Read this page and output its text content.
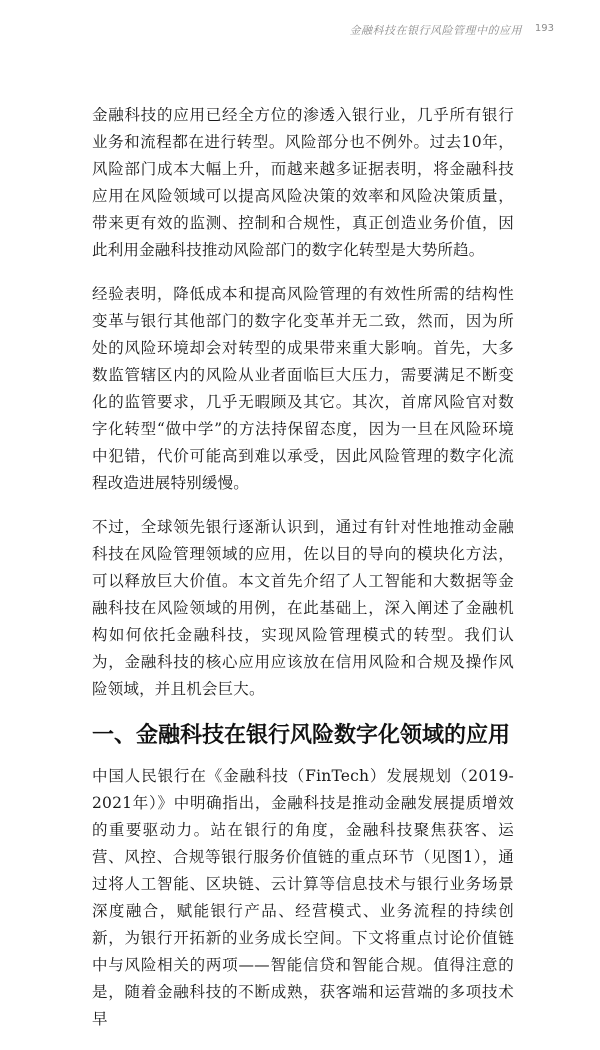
金融科技在银行风险管理中的应用 193

金融科技的应用已经全方位的渗透入银行业，几乎所有银行业务和流程都在进行转型。风险部分也不例外。过去10年，风险部门成本大幅上升，而越来越多证据表明，将金融科技应用在风险领域可以提高风险决策的效率和风险决策质量，带来更有效的监测、控制和合规性，真正创造业务价值，因此利用金融科技推动风险部门的数字化转型是大势所趋。

经验表明，降低成本和提高风险管理的有效性所需的结构性变革与银行其他部门的数字化变革并无二致，然而，因为所处的风险环境却会对转型的成果带来重大影响。首先，大多数监管辖区内的风险从业者面临巨大压力，需要满足不断变化的监管要求，几乎无暇顾及其它。其次，首席风险官对数字化转型“做中学”的方法持保留态度，因为一旦在风险环境中犯错，代价可能高到难以承受，因此风险管理的数字化流程改造进展特别缓慢。

不过，全球领先银行逐渐认识到，通过有针对性地推动金融科技在风险管理领域的应用，佐以目的导向的模块化方法，可以释放巨大价值。本文首先介绍了人工智能和大数据等金融科技在风险领域的用例，在此基础上，深入阐述了金融机构如何依托金融科技，实现风险管理模式的转型。我们认为，金融科技的核心应用应该放在信用风险和合规及操作风险领域，并且机会巨大。

一、金融科技在银行风险数字化领域的应用

中国人民银行在《金融科技（FinTech）发展规划（2019-2021年）》中明确指出，金融科技是推动金融发展提质增效的重要驱动力。站在银行的角度，金融科技聚焦获客、运营、风控、合规等银行服务价值链的重点环节（见图1），通过将人工智能、区块链、云计算等信息技术与银行业务场景深度融合，赋能银行产品、经营模式、业务流程的持续创新，为银行开拓新的业务成长空间。下文将重点讨论价值链中与风险相关的两项——智能信贷和智能合规。值得注意的是，随着金融科技的不断成熟，获客端和运营端的多项技术早
